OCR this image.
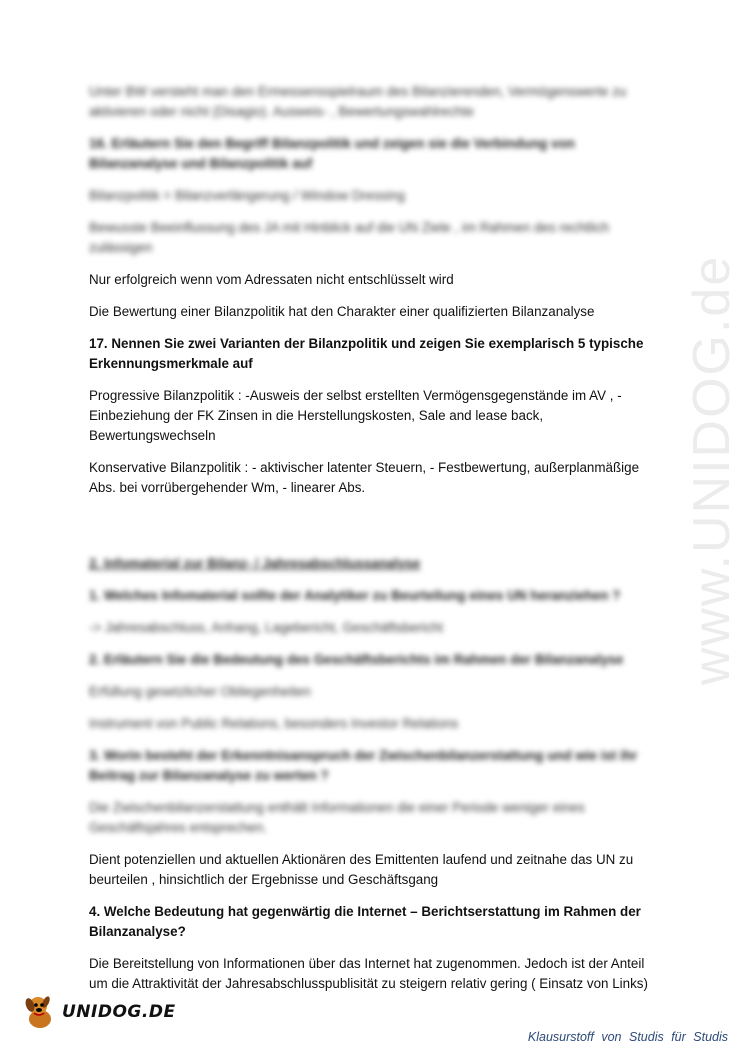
www.UNIDOG.de

Unter BW versteht man den Ermessensspielraum des Bilanzierenden, Vermögenswerte zu aktivieren oder nicht (Disagio). Ausweis- , Bewertungswahlrechte

16. Erläutern Sie den Begriff Bilanzpolitik und zeigen sie die Verbindung von Bilanzanalyse und Bilanzpolitik auf

Bilanzpolitik = Bilanzverlängerung / Window Dressing

Bewusste Beeinflussung des JA mit Hinblick auf die UN Ziele , im Rahmen des rechtlich zulässigen

Nur erfolgreich wenn vom Adressaten nicht entschlüsselt wird

Die Bewertung einer Bilanzpolitik hat den Charakter einer qualifizierten Bilanzanalyse

17. Nennen Sie zwei Varianten der Bilanzpolitik und zeigen Sie exemplarisch 5 typische Erkennungsmerkmale auf

Progressive Bilanzpolitik : -Ausweis der selbst erstellten Vermögensgegenstände im AV , - Einbeziehung der FK Zinsen in die Herstellungskosten, Sale and lease back, Bewertungswechseln

Konservative Bilanzpolitik : - aktivischer latenter Steuern, - Festbewertung, außerplanmäßige Abs. bei vorrübergehender Wm, - linearer Abs.

2. Infomaterial zur Bilanz- / Jahresabschlussanalyse

1. Welches Infomaterial sollte der Analytiker zu Beurteilung eines UN heranziehen ?

-> Jahresabschluss, Anhang, Lagebericht, Geschäftsbericht

2. Erläutern Sie die Bedeutung des Geschäftsberichts im Rahmen der Bilanzanalyse

Erfüllung gesetzlicher Obliegenheiten

Instrument von Public Relations, besonders Investor Relations

3. Worin besteht der Erkenntnisanspruch der Zwischenbilanzerstattung und wie ist ihr Beitrag zur Bilanzanalyse zu werten ?

Die Zwischenbilanzerstattung enthält Informationen die einer Periode weniger eines Geschäftsjahres entsprechen.

Dient potenziellen und aktuellen Aktionären des Emittenten laufend und zeitnahe das UN zu beurteilen , hinsichtlich der Ergebnisse und Geschäftsgang

4. Welche Bedeutung hat gegenwärtig die Internet – Berichtserstattung im Rahmen der Bilanzanalyse?

Die Bereitstellung von Informationen über das Internet hat zugenommen. Jedoch ist der Anteil um die Attraktivität der Jahresabschlusspublisität zu steigern relativ gering ( Einsatz von Links)

UNIDOG.DE
Klausurstoff von Studis für Studis
